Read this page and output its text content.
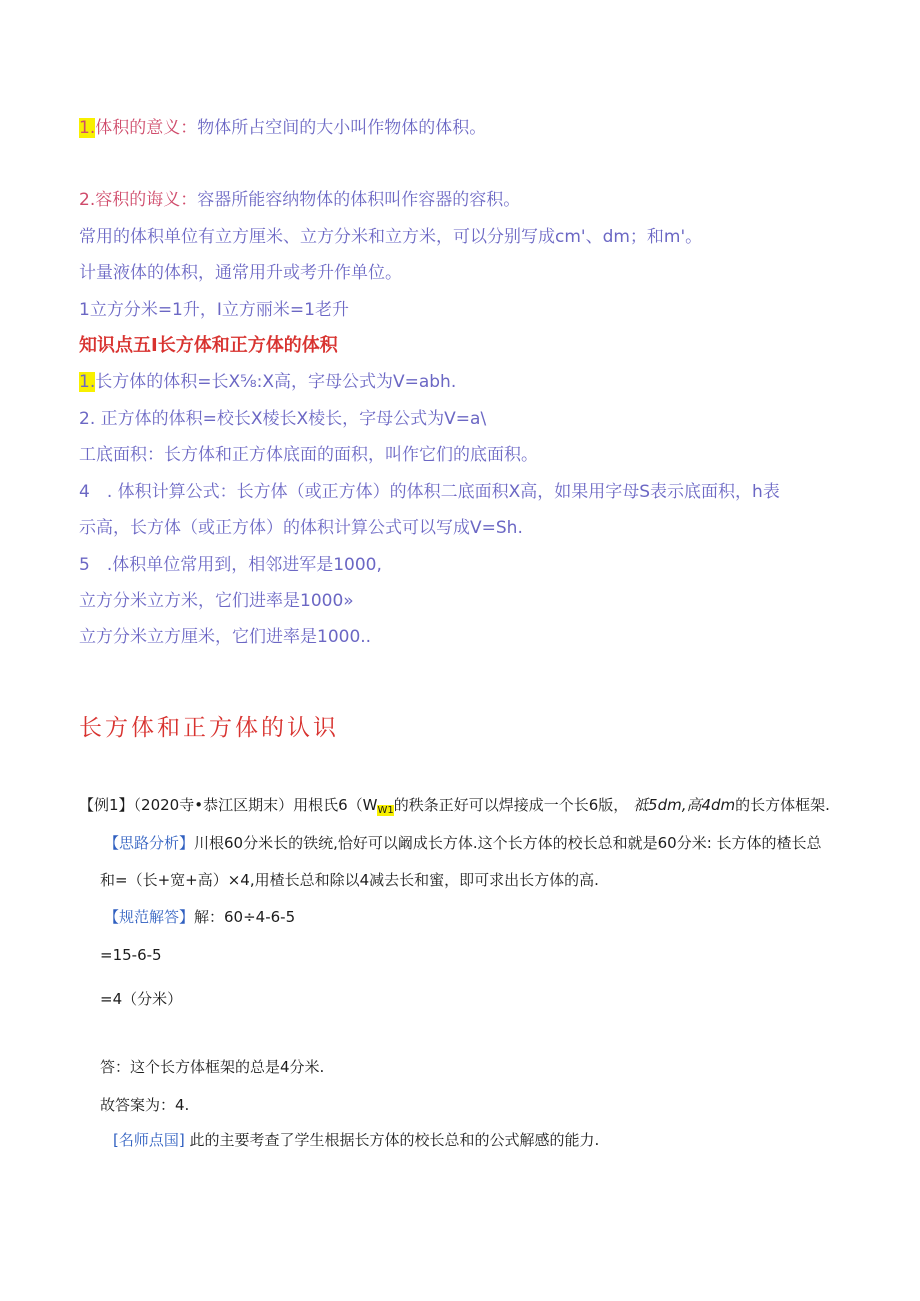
1.体积的意义：物体所占空间的大小叫作物体的体积。
2.容积的诲义：容器所能容纳物体的体积叫作容器的容积。
常用的体积单位有立方厘米、立方分米和立方米，可以分别写成cm'、dm；和m'。
计量液体的体积，通常用升或考升作单位。
1立方分米=1升，I立方丽米=1老升
知识点五I长方体和正方体的体积
1.长方体的体积=长X⅝:X高，字母公式为V=abh.
2. 正方体的体积=校长X棱长X棱长，字母公式为V=a\
工底面积：长方体和正方体底面的面积，叫作它们的底面积。
4　. 体积计算公式：长方体（或正方体）的体积二底面积X高，如果用字母S表示底面积，h表
示高，长方体（或正方体）的体积计算公式可以写成V=Sh.
5　.体积单位常用到，相邻进军是1000,
立方分米立方米，它们进率是1000»
立方分米立方厘米，它们进率是1000..
长方体和正方体的认识
【例1】（2020寺•恭江区期末）用根氏$6(W_{W1}$的秩条正好可以焊接成一个长6版， 祗5dm,高4dm的长方体框架.
【思路分析】川根60分米长的铁统,恰好可以阚成长方体.这个长方体的校长总和就是60分米: 长方体的楂长总
和=（长+宽+高）×4,用楂长总和除以4减去长和蜜，即可求出长方体的高.
【规范解答】解：60÷4-6-5
=15-6-5
=4（分米）
答：这个长方体框架的总是4分米.
故答案为：4.
[名师点国] 此的主要考查了学生根据长方体的校长总和的公式解感的能力.
